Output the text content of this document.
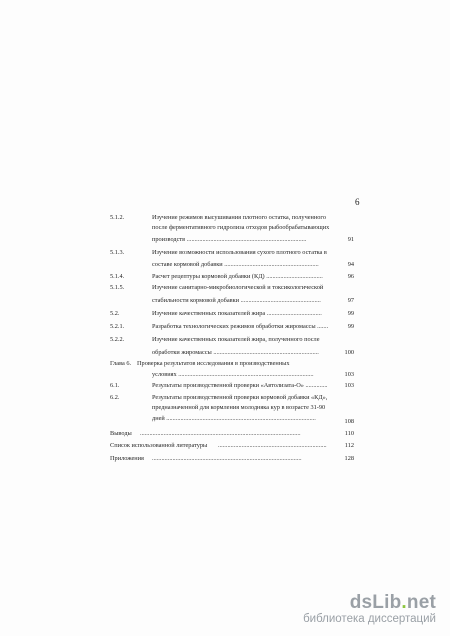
6
5.1.2.	Изучение режимов высушивания плотного остатка, полученного
после ферментативного гидролиза отходов рыбообрабатывающих
производств ............................................................................	91
5.1.3.	Изучение возможности использования сухого плотного остатка в
составе кормовой добавки ............................................................	94
5.1.4.	Расчет рецептуры кормовой добавки (КД) ....................................	96
5.1.5.	Изучение санитарно-микробиологической и токсикологической
стабильности кормовой добавки ...................................................	97
5.2.	Изучение качественных показателей жира ...................................	99
5.2.1.	Разработка технологических режимов обработки жиромассы .......	99
5.2.2.	Изучение качественных показателей жира, полученного после
обработки жиромассы ...................................................................	100
Глава 6. Проверка результатов исследования в производственных
условиях ......................................................................................	103
6.1.	Результаты производственной проверки «Автолизата-О» ..............	103
6.2.	Результаты производственной проверки кормовой добавки «КД»,
предназначенной для кормления молодняка кур в возрасте 31-90
дней ...............................................................................................	108
Выводы ......................................................................................................	110
Список использованной литературы .....................................................................	112
Приложения ...............................................................................................	128
dsLib.net
библиотека диссертаций
